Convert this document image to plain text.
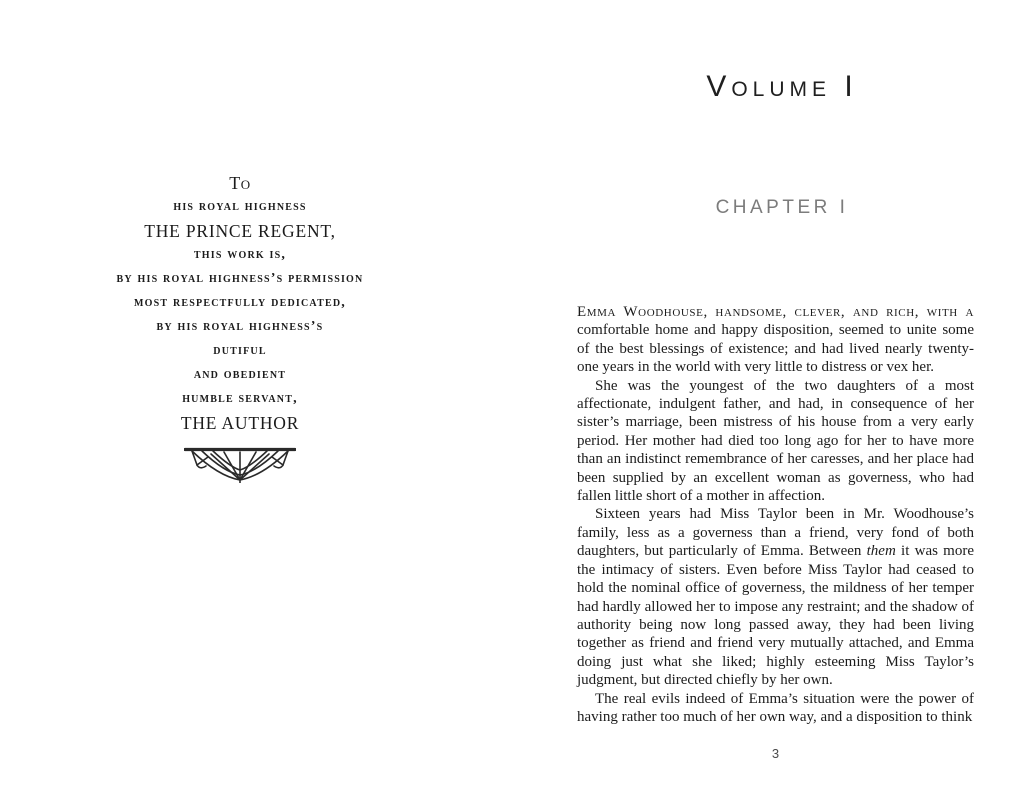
To
his royal highness
THE PRINCE REGENT,
this work is,
by his royal highness’s permission
most respectfully dedicated,
by his royal highness’s
dutiful
and obedient
humble servant,
THE AUTHOR
Volume I
CHAPTER I

Emma Woodhouse, handsome, clever, and rich, with a comfortable home and happy disposition, seemed to unite some of the best blessings of existence; and had lived nearly twenty-one years in the world with very little to distress or vex her.

She was the youngest of the two daughters of a most affectionate, indulgent father, and had, in consequence of her sister’s marriage, been mistress of his house from a very early period. Her mother had died too long ago for her to have more than an indistinct remembrance of her caresses, and her place had been supplied by an excellent woman as governess, who had fallen little short of a mother in affection.

Sixteen years had Miss Taylor been in Mr. Woodhouse’s family, less as a governess than a friend, very fond of both daughters, but particularly of Emma. Between them it was more the intimacy of sisters. Even before Miss Taylor had ceased to hold the nominal office of governess, the mildness of her temper had hardly allowed her to impose any restraint; and the shadow of authority being now long passed away, they had been living together as friend and friend very mutually attached, and Emma doing just what she liked; highly esteeming Miss Taylor’s judgment, but directed chiefly by her own.

The real evils indeed of Emma’s situation were the power of having rather too much of her own way, and a disposition to think

3
